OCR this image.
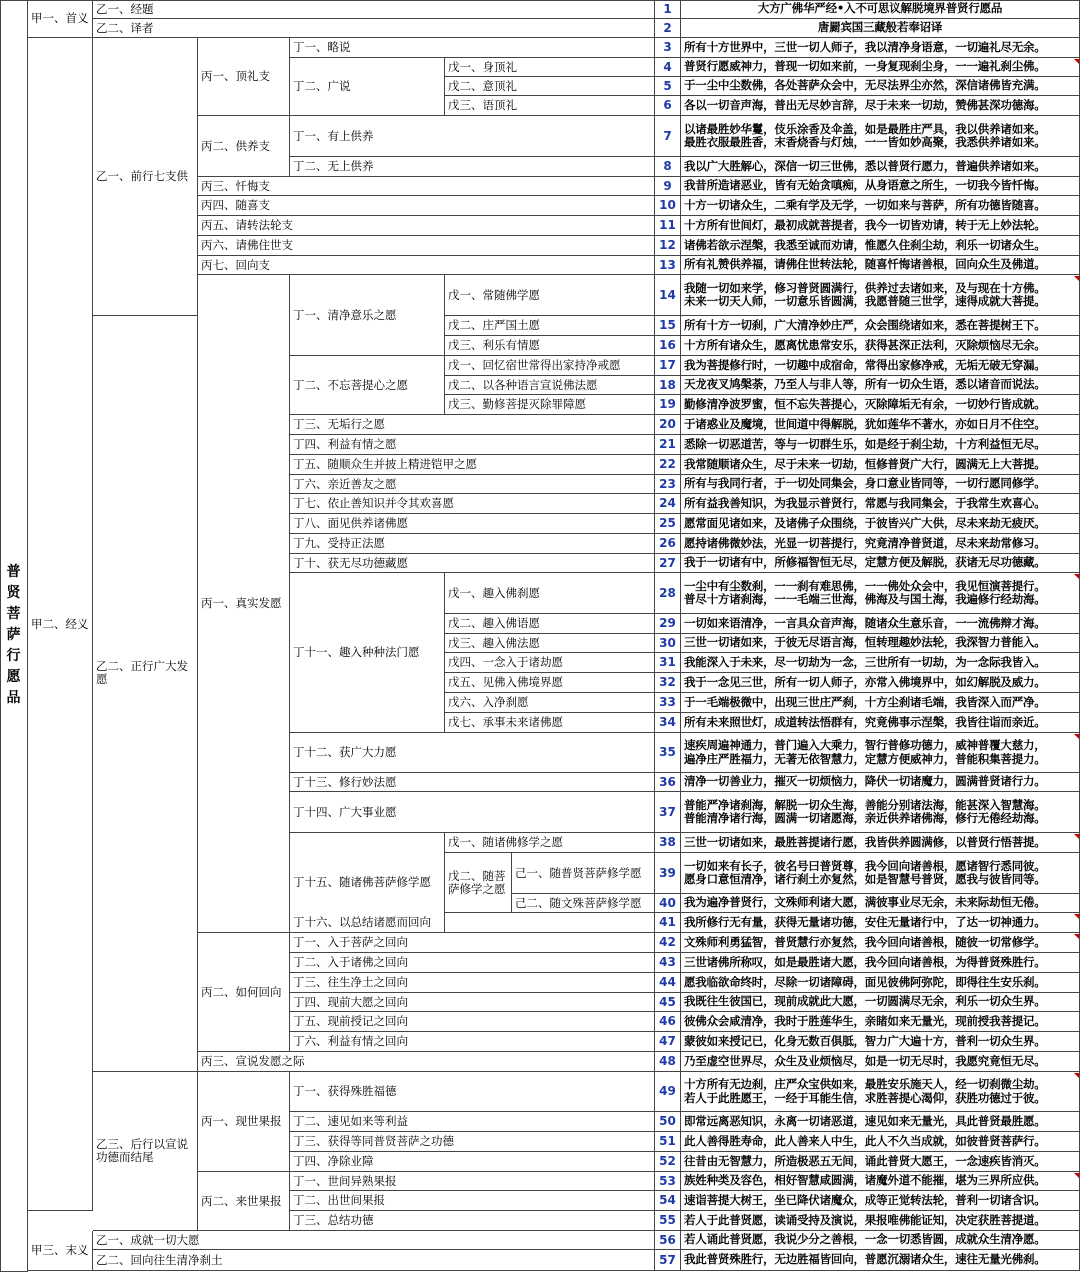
普
贤
菩
萨
行
愿
品
甲一、首义
乙一、经题	1	大方广佛华严经•入不可思议解脱境界普贤行愿品
乙二、译者	2	唐罽宾国三藏般若奉诏译
甲二、经义
乙一、前行七支供
丙一、顶礼支
丁一、略说	3	所有十方世界中，三世一切人师子，我以清净身语意，一切遍礼尽无余。
丁二、广说
戊一、身顶礼	4	普贤行愿威神力，普现一切如来前，一身复现刹尘身，一一遍礼刹尘佛。
戊二、意顶礼	5	于一尘中尘数佛，各处菩萨众会中，无尽法界尘亦然，深信诸佛皆充满。
戊三、语顶礼	6	各以一切音声海，普出无尽妙言辞，尽于未来一切劫，赞佛甚深功德海。
丙二、供养支
丁一、有上供养	7	以诸最胜妙华鬘，伎乐涂香及伞盖，如是最胜庄严具，我以供养诸如来。
最胜衣服最胜香，末香烧香与灯烛，一一皆如妙高聚，我悉供养诸如来。
丁二、无上供养	8	我以广大胜解心，深信一切三世佛，悉以普贤行愿力，普遍供养诸如来。
丙三、忏悔支	9	我昔所造诸恶业，皆有无始贪嗔痴，从身语意之所生，一切我今皆忏悔。
丙四、随喜支	10 十方一切诸众生，二乘有学及无学，一切如来与菩萨，所有功德皆随喜。
丙五、请转法轮支	11 十方所有世间灯，最初成就菩提者，我今一切皆劝请，转于无上妙法轮。
丙六、请佛住世支	12 诸佛若欲示涅槃，我悉至诚而劝请，惟愿久住刹尘劫，利乐一切诸众生。
丙七、回向支	13 所有礼赞供养福，请佛住世转法轮，随喜忏悔诸善根，回向众生及佛道。
乙二、正行广大发
愿
丙一、真实发愿
丁一、清净意乐之愿
戊一、常随佛学愿	14 我随一切如来学，修习普贤圆满行，供养过去诸如来，及与现在十方佛。
未来一切天人师，一切意乐皆圆满，我愿普随三世学，速得成就大菩提。
戊二、庄严国土愿	15 所有十方一切刹，广大清净妙庄严，众会围绕诸如来，悉在菩提树王下。
戊三、利乐有情愿	16 十方所有诸众生，愿离忧患常安乐，获得甚深正法利，灭除烦恼尽无余。
丁二、不忘菩提心之愿
戊一、回忆宿世常得出家持净戒愿	17 我为菩提修行时，一切趣中成宿命，常得出家修净戒，无垢无破无穿漏。
戊二、以各种语言宣说佛法愿	18 天龙夜叉鸠槃荼，乃至人与非人等，所有一切众生语，悉以诸音而说法。
戊三、勤修菩提灭除罪障愿	19 勤修清净波罗蜜，恒不忘失菩提心，灭除障垢无有余，一切妙行皆成就。
丁三、无垢行之愿	20 于诸惑业及魔境，世间道中得解脱，犹如莲华不著水，亦如日月不住空。
丁四、利益有情之愿	21 悉除一切恶道苦，等与一切群生乐，如是经于刹尘劫，十方利益恒无尽。
丁五、随顺众生并披上精进铠甲之愿	22 我常随顺诸众生，尽于未来一切劫，恒修普贤广大行，圆满无上大菩提。
丁六、亲近善友之愿	23 所有与我同行者，于一切处同集会，身口意业皆同等，一切行愿同修学。
丁七、依止善知识并令其欢喜愿	24 所有益我善知识，为我显示普贤行，常愿与我同集会，于我常生欢喜心。
丁八、面见供养诸佛愿	25 愿常面见诸如来，及诸佛子众围绕，于彼皆兴广大供，尽未来劫无疲厌。
丁九、受持正法愿	26 愿持诸佛微妙法，光显一切菩提行，究竟清净普贤道，尽未来劫常修习。
丁十、获无尽功德藏愿	27 我于一切诸有中，所修福智恒无尽，定慧方便及解脱，获诸无尽功德藏。
丁十一、趣入种种法门愿
戊一、趣入佛刹愿	28 一尘中有尘数刹，一一刹有难思佛，一一佛处众会中，我见恒演菩提行。
普尽十方诸刹海，一一毛端三世海，佛海及与国土海，我遍修行经劫海。
戊二、趣入佛语愿	29 一切如来语清净，一言具众音声海，随诸众生意乐音，一一流佛辩才海。
戊三、趣入佛法愿	30 三世一切诸如来，于彼无尽语言海，恒转理趣妙法轮，我深智力普能入。
戊四、一念入于诸劫愿	31 我能深入于未来，尽一切劫为一念，三世所有一切劫，为一念际我皆入。
戊五、见佛入佛境界愿	32 我于一念见三世，所有一切人师子，亦常入佛境界中，如幻解脱及威力。
戊六、入净刹愿	33 于一毛端极微中，出现三世庄严刹，十方尘刹诸毛端，我皆深入而严净。
戊七、承事未来诸佛愿	34 所有未来照世灯，成道转法悟群有，究竟佛事示涅槃，我皆往诣而亲近。
丁十二、获广大力愿	35 速疾周遍神通力，普门遍入大乘力，智行普修功德力，威神普覆大慈力，
遍净庄严胜福力，无著无依智慧力，定慧方便威神力，普能积集菩提力。
丁十三、修行妙法愿	36 清净一切善业力，摧灭一切烦恼力，降伏一切诸魔力，圆满普贤诸行力。
丁十四、广大事业愿	37 普能严净诸刹海，解脱一切众生海，善能分别诸法海，能甚深入智慧海。
普能清净诸行海，圆满一切诸愿海，亲近供养诸佛海，修行无倦经劫海。
丁十五、随诸佛菩萨修学愿
戊一、随诸佛修学之愿	38 三世一切诸如来，最胜菩提诸行愿，我皆供养圆满修，以普贤行悟菩提。
戊二、随菩
萨修学之愿
己一、随普贤菩萨修学愿	39 一切如来有长子，彼名号曰普贤尊，我今回向诸善根，愿诸智行悉同彼。
愿身口意恒清净，诸行刹土亦复然，如是智慧号普贤，愿我与彼皆同等。
己二、随文殊菩萨修学愿	40 我为遍净普贤行，文殊师利诸大愿，满彼事业尽无余，未来际劫恒无倦。
丁十六、以总结诸愿而回向	41 我所修行无有量，获得无量诸功德，安住无量诸行中，了达一切神通力。
丙二、如何回向
丁一、入于菩萨之回向	42 文殊师利勇猛智，普贤慧行亦复然，我今回向诸善根，随彼一切常修学。
丁二、入于诸佛之回向	43 三世诸佛所称叹，如是最胜诸大愿，我今回向诸善根，为得普贤殊胜行。
丁三、往生净土之回向	44 愿我临欲命终时，尽除一切诸障碍，面见彼佛阿弥陀，即得往生安乐刹。
丁四、现前大愿之回向	45 我既往生彼国已，现前成就此大愿，一切圆满尽无余，利乐一切众生界。
丁五、现前授记之回向	46 彼佛众会咸清净，我时于胜莲华生，亲睹如来无量光，现前授我菩提记。
丁六、利益有情之回向	47 蒙彼如来授记已，化身无数百俱胝，智力广大遍十方，普利一切众生界。
丙三、宣说发愿之际	48 乃至虚空世界尽，众生及业烦恼尽，如是一切无尽时，我愿究竟恒无尽。
乙三、后行以宣说
功德而结尾
丙一、现世果报
丁一、获得殊胜福德	49 十方所有无边刹，庄严众宝供如来，最胜安乐施天人，经一切刹微尘劫。
若人于此胜愿王，一经于耳能生信，求胜菩提心渴仰，获胜功德过于彼。
丁二、速见如来等利益	50 即常远离恶知识，永离一切诸恶道，速见如来无量光，具此普贤最胜愿。
丁三、获得等同普贤菩萨之功德	51 此人善得胜寿命，此人善来人中生，此人不久当成就，如彼普贤菩萨行。
丁四、净除业障	52 往昔由无智慧力，所造极恶五无间，诵此普贤大愿王，一念速疾皆消灭。
丙二、来世果报
丁一、世间异熟果报	53 族姓种类及容色，相好智慧咸圆满，诸魔外道不能摧，堪为三界所应供。
丁二、出世间果报	54 速诣菩提大树王，坐已降伏诸魔众，成等正觉转法轮，普利一切诸含识。
丁三、总结功德	55 若人于此普贤愿，读诵受持及演说，果报唯佛能证知，决定获胜菩提道。
甲三、末义
乙一、成就一切大愿	56 若人诵此普贤愿，我说少分之善根，一念一切悉皆圆，成就众生清净愿。
乙二、回向往生清净刹土	57 我此普贤殊胜行，无边胜福皆回向，普愿沉溺诸众生，速往无量光佛刹。
